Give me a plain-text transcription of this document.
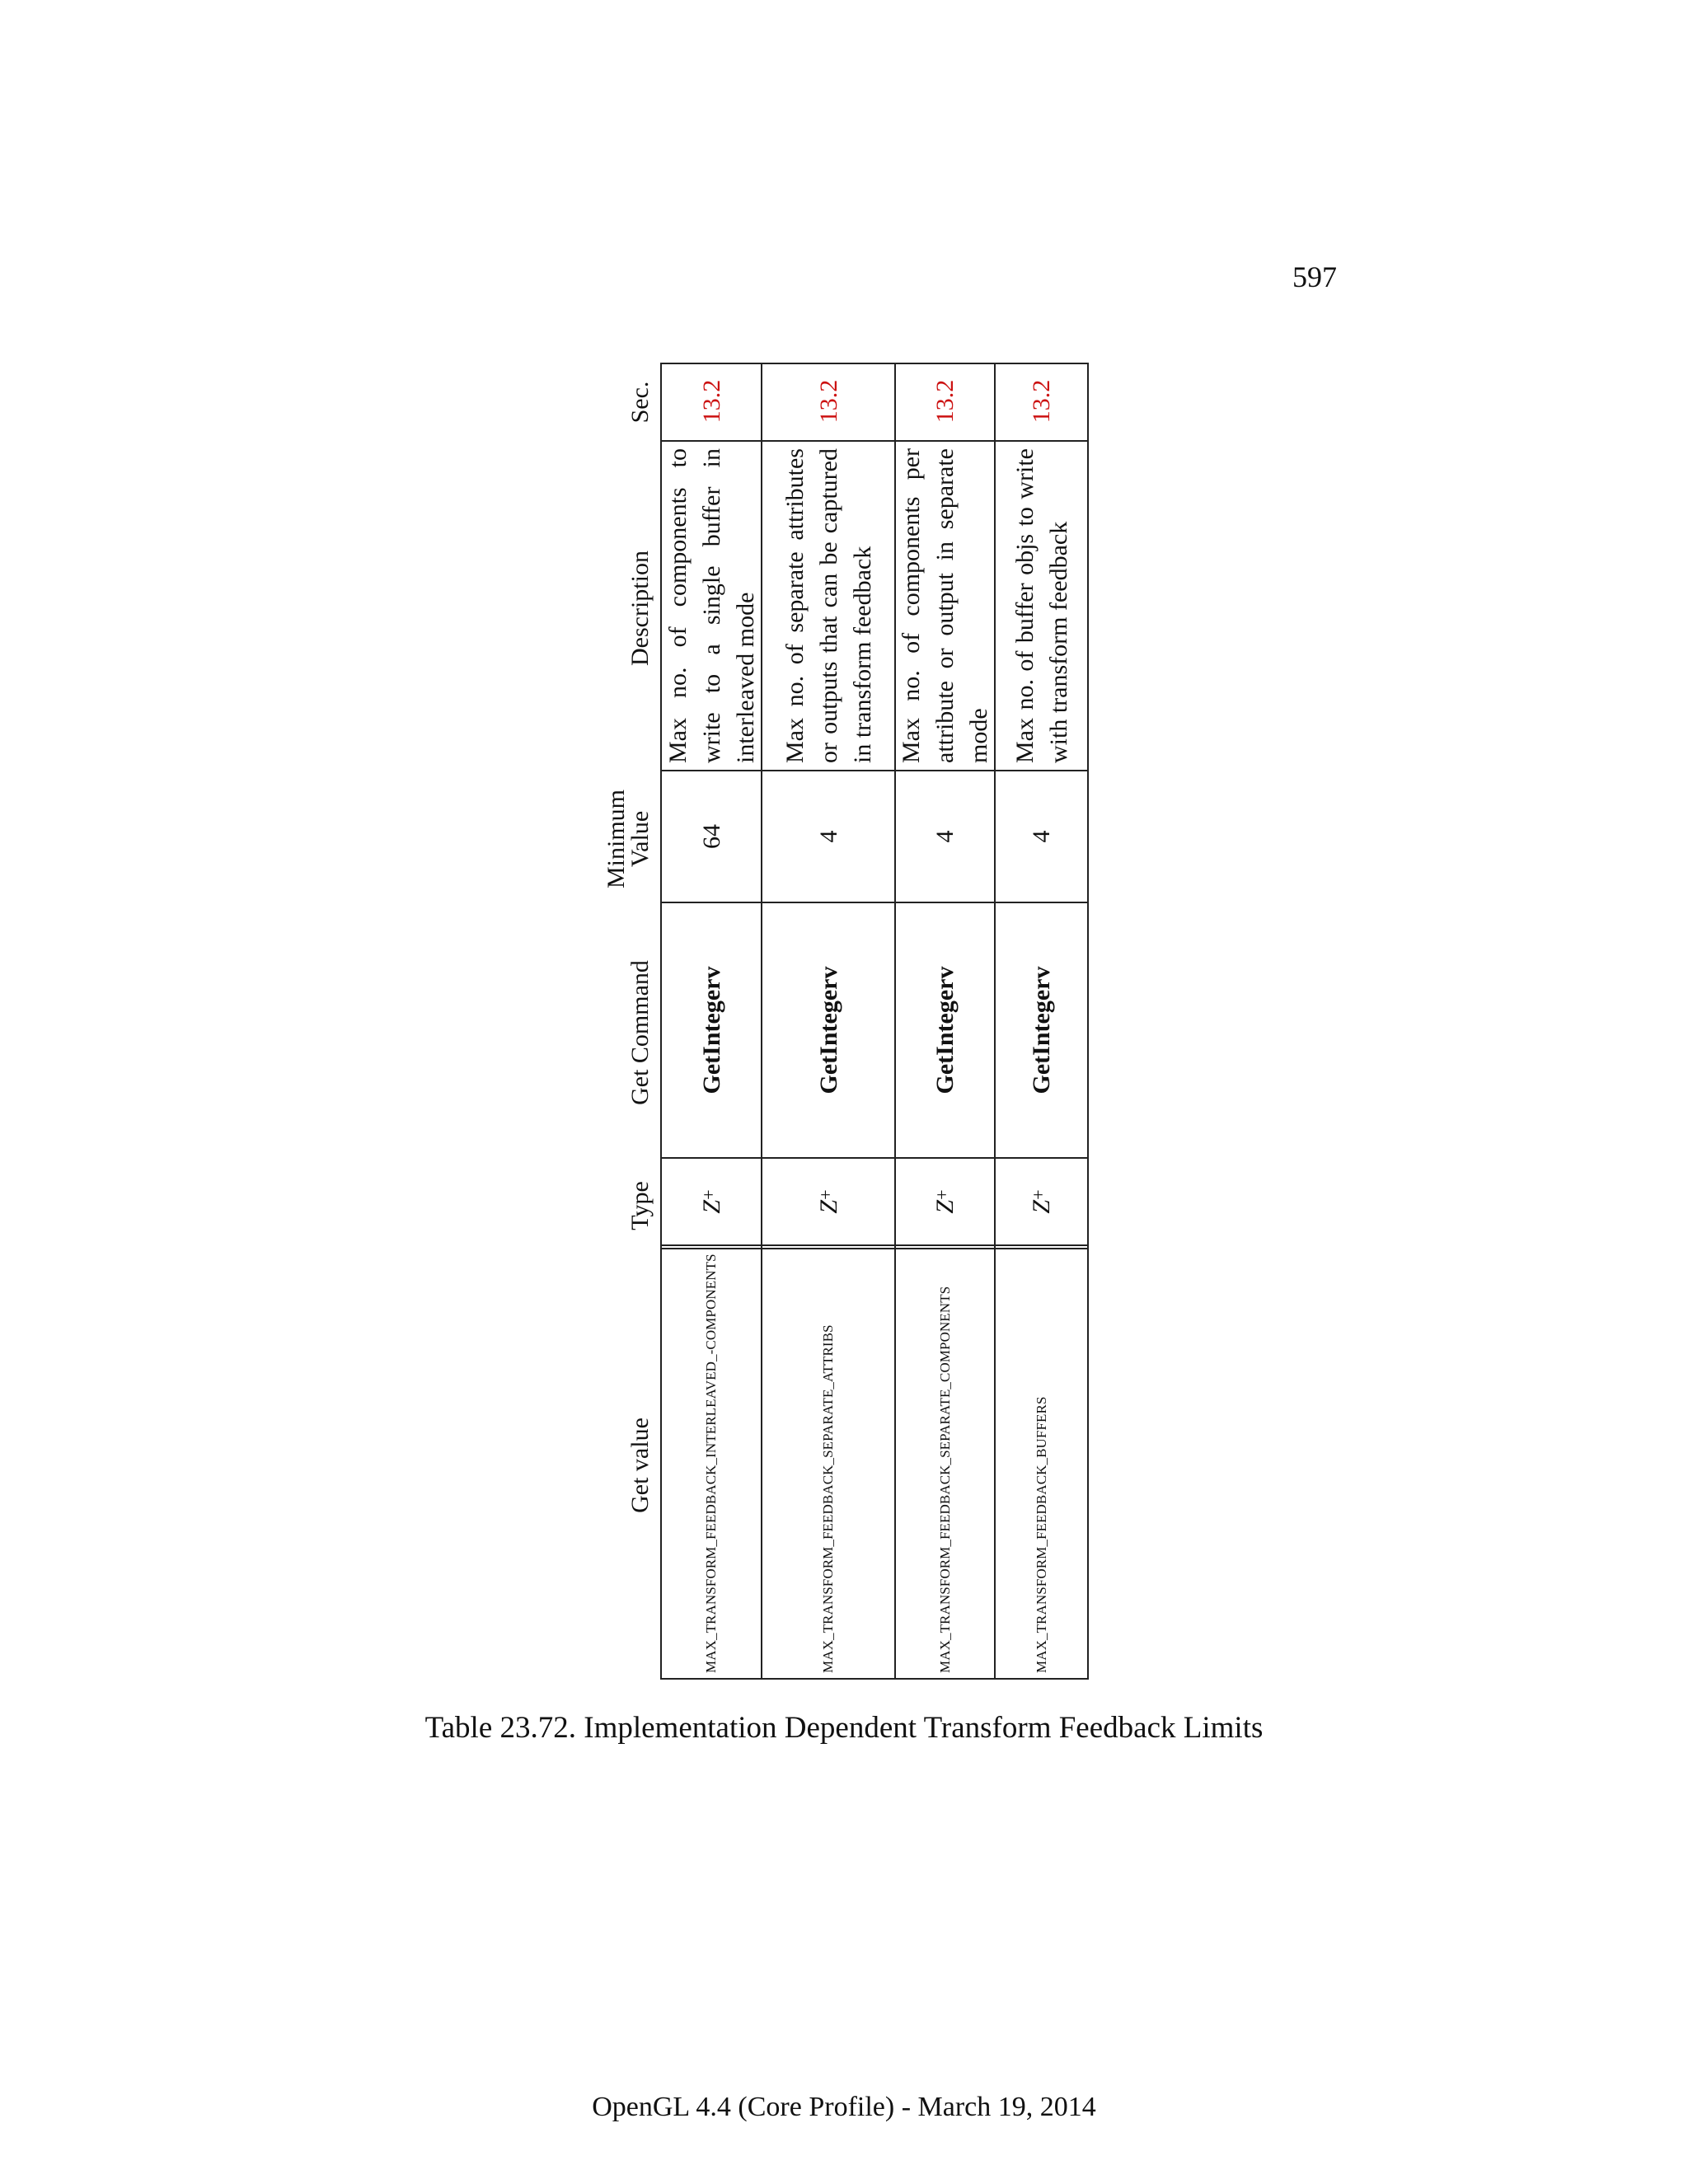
597
Get value
Type
Get Command
Minimum Value
Description
Sec.
MAX_TRANSFORM_FEEDBACK_INTERLEAVED_-COMPONENTS
Z
+
GetIntegerv
64
Max no. of components to write to a single buffer in interleaved mode
13.2
MAX_TRANSFORM_FEEDBACK_SEPARATE_ATTRIBS
Z
+
GetIntegerv
4
Max no. of separate attributes or outputs that can be captured in transform feedback
13.2
MAX_TRANSFORM_FEEDBACK_SEPARATE_COMPONENTS
Z
+
GetIntegerv
4
Max no. of components per attribute or output in separate mode
13.2
MAX_TRANSFORM_FEEDBACK_BUFFERS
Z
+
GetIntegerv
4
Max no. of buffer objs to write with transform feedback
13.2
Table 23.72. Implementation Dependent Transform Feedback Limits
OpenGL 4.4 (Core Profile) - March 19, 2014
